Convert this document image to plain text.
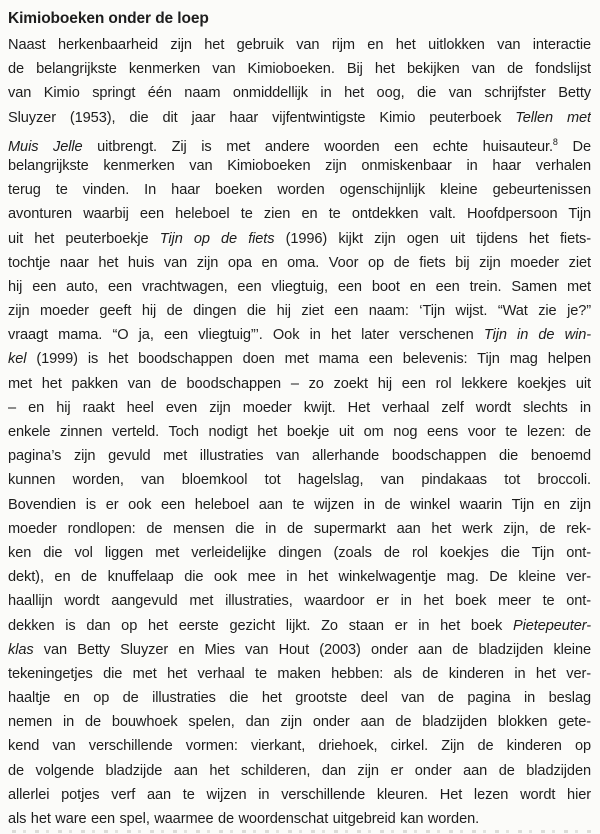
Kimioboeken onder de loep
Naast herkenbaarheid zijn het gebruik van rijm en het uitlokken van interactie
de belangrijkste kenmerken van Kimioboeken. Bij het bekijken van de fondslijst
van Kimio springt één naam onmiddellijk in het oog, die van schrijfster Betty
Sluyzer (1953), die dit jaar haar vijfentwintigste Kimio peuterboek Tellen met
Muis Jelle uitbrengt. Zij is met andere woorden een echte huisauteur.$^8$ De
belangrijkste kenmerken van Kimioboeken zijn onmiskenbaar in haar verhalen
terug te vinden. In haar boeken worden ogenschijnlijk kleine gebeurtenissen
avonturen waarbij een heleboel te zien en te ontdekken valt. Hoofdpersoon Tijn
uit het peuterboekje Tijn op de fiets (1996) kijkt zijn ogen uit tijdens het fiets-
tochtje naar het huis van zijn opa en oma. Voor op de fiets bij zijn moeder ziet
hij een auto, een vrachtwagen, een vliegtuig, een boot en een trein. Samen met
zijn moeder geeft hij de dingen die hij ziet een naam: ‘Tijn wijst. “Wat zie je?”
vraagt mama. “O ja, een vliegtuig”’. Ook in het later verschenen Tijn in de win-
kel (1999) is het boodschappen doen met mama een belevenis: Tijn mag helpen
met het pakken van de boodschappen – zo zoekt hij een rol lekkere koekjes uit
– en hij raakt heel even zijn moeder kwijt. Het verhaal zelf wordt slechts in
enkele zinnen verteld. Toch nodigt het boekje uit om nog eens voor te lezen: de
pagina’s zijn gevuld met illustraties van allerhande boodschappen die benoemd
kunnen worden, van bloemkool tot hagelslag, van pindakaas tot broccoli.
Bovendien is er ook een heleboel aan te wijzen in de winkel waarin Tijn en zijn
moeder rondlopen: de mensen die in de supermarkt aan het werk zijn, de rek-
ken die vol liggen met verleidelijke dingen (zoals de rol koekjes die Tijn ont-
dekt), en de knuffelaap die ook mee in het winkelwagentje mag. De kleine ver-
haallijn wordt aangevuld met illustraties, waardoor er in het boek meer te ont-
dekken is dan op het eerste gezicht lijkt. Zo staan er in het boek Pietepeuter-
klas van Betty Sluyzer en Mies van Hout (2003) onder aan de bladzijden kleine
tekeningetjes die met het verhaal te maken hebben: als de kinderen in het ver-
haaltje en op de illustraties die het grootste deel van de pagina in beslag
nemen in de bouwhoek spelen, dan zijn onder aan de bladzijden blokken gete-
kend van verschillende vormen: vierkant, driehoek, cirkel. Zijn de kinderen op
de volgende bladzijde aan het schilderen, dan zijn er onder aan de bladzijden
allerlei potjes verf aan te wijzen in verschillende kleuren. Het lezen wordt hier
als het ware een spel, waarmee de woordenschat uitgebreid kan worden.
